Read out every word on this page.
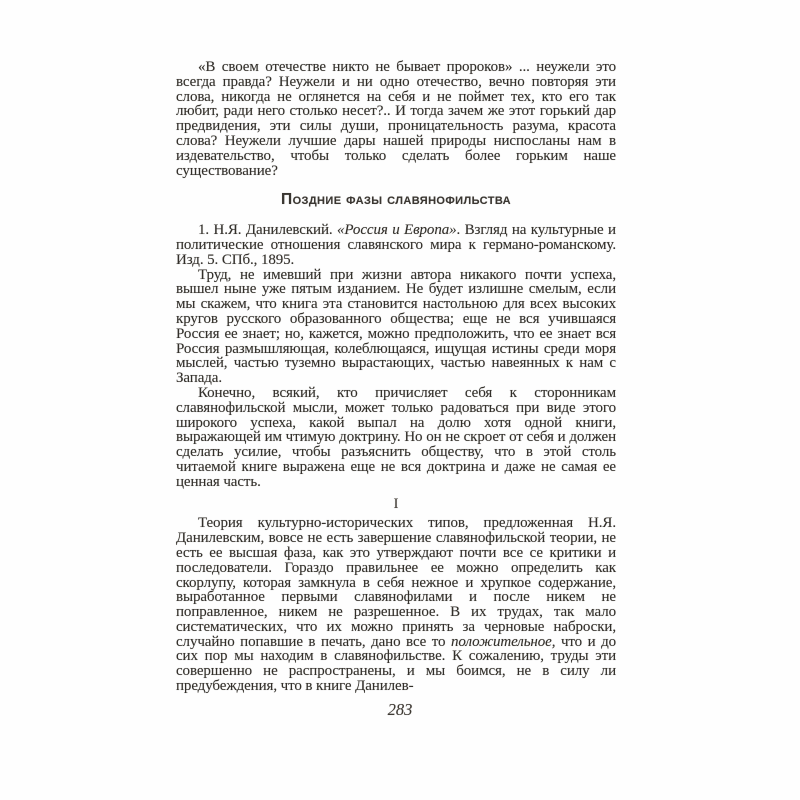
«В своем отечестве никто не бывает пророков» ... неужели это всегда правда? Неужели и ни одно отечество, вечно повторяя эти слова, никогда не оглянется на себя и не поймет тех, кто его так любит, ради него столько несет?.. И тогда зачем же этот горький дар предвидения, эти силы души, проницательность разума, красота слова? Неужели лучшие дары нашей природы ниспосланы нам в издевательство, чтобы только сделать более горьким наше существование?

Поздние фазы славянофильства

1. Н.Я. Данилевский. «Россия и Европа». Взгляд на культурные и политические отношения славянского мира к германо-романскому. Изд. 5. СПб., 1895.

Труд, не имевший при жизни автора никакого почти успеха, вышел ныне уже пятым изданием. Не будет излишне смелым, если мы скажем, что книга эта становится настольною для всех высоких кругов русского образованного общества; еще не вся учившаяся Россия ее знает; но, кажется, можно предположить, что ее знает вся Россия размышляющая, колеблющаяся, ищущая истины среди моря мыслей, частью туземно вырастающих, частью навеянных к нам с Запада.

Конечно, всякий, кто причисляет себя к сторонникам славянофильской мысли, может только радоваться при виде этого широкого успеха, какой выпал на долю хотя одной книги, выражающей им чтимую доктрину. Но он не скроет от себя и должен сделать усилие, чтобы разъяснить обществу, что в этой столь читаемой книге выражена еще не вся доктрина и даже не самая ее ценная часть.

I

Теория культурно-исторических типов, предложенная Н.Я. Данилевским, вовсе не есть завершение славянофильской теории, не есть ее высшая фаза, как это утверждают почти все се критики и последователи. Гораздо правильнее ее можно определить как скорлупу, которая замкнула в себя нежное и хрупкое содержание, выработанное первыми славянофилами и после никем не поправленное, никем не разрешенное. В их трудах, так мало систематических, что их можно принять за черновые наброски, случайно попавшие в печать, дано все то положительное, что и до сих пор мы находим в славянофильстве. К сожалению, труды эти совершенно не распространены, и мы боимся, не в силу ли предубеждения, что в книге Данилев-

283
